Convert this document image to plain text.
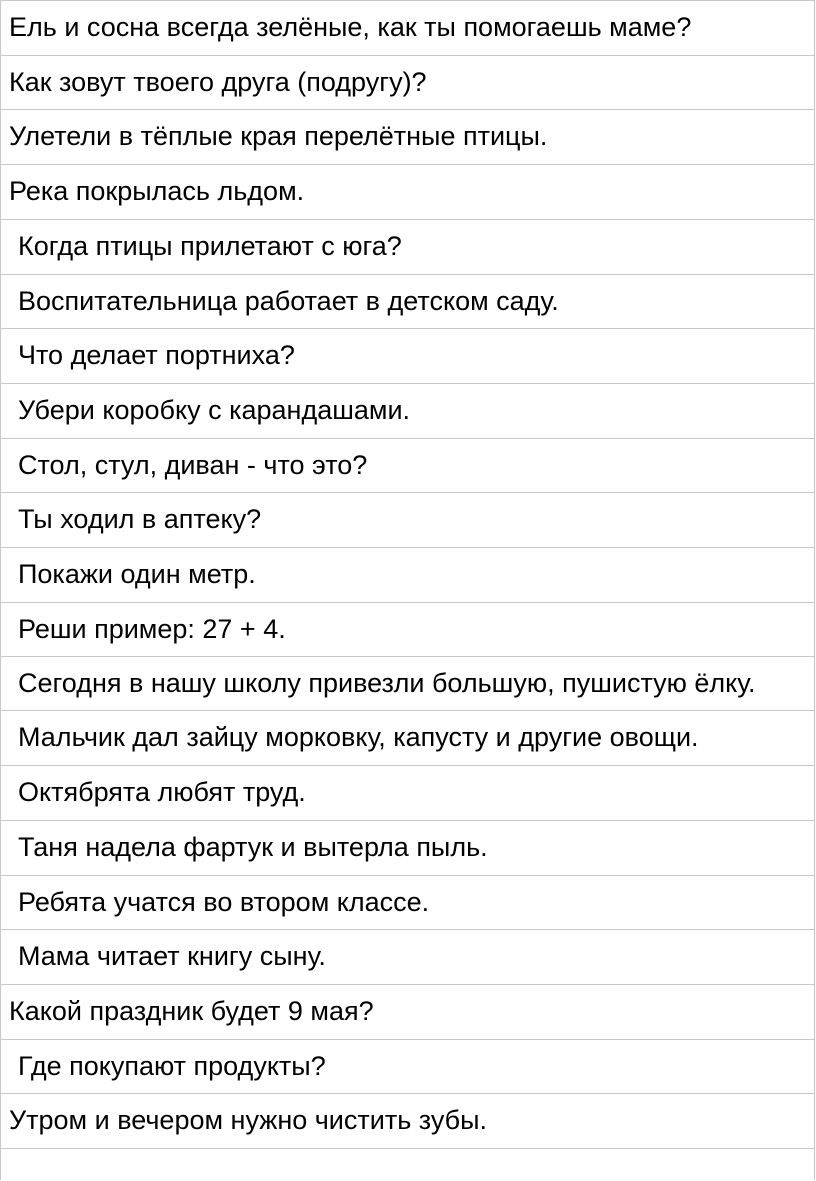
Ель и сосна всегда зелёные, как ты помогаешь маме?
Как зовут твоего друга (подругу)?
Улетели в тёплые края перелётные птицы.
Река покрылась льдом.
Когда птицы прилетают с юга?
Воспитательница работает в детском саду.
Что делает портниха?
Убери коробку с карандашами.
Стол, стул, диван - что это?
Ты ходил в аптеку?
Покажи один метр.
Реши пример: 27 + 4.
Сегодня в нашу школу привезли большую, пушистую ёлку.
Мальчик дал зайцу морковку, капусту и другие овощи.
Октябрята любят труд.
Таня надела фартук и вытерла пыль.
Ребята учатся во втором классе.
Мама читает книгу сыну.
Какой праздник будет 9 мая?
Где покупают продукты?
Утром и вечером нужно чистить зубы.
